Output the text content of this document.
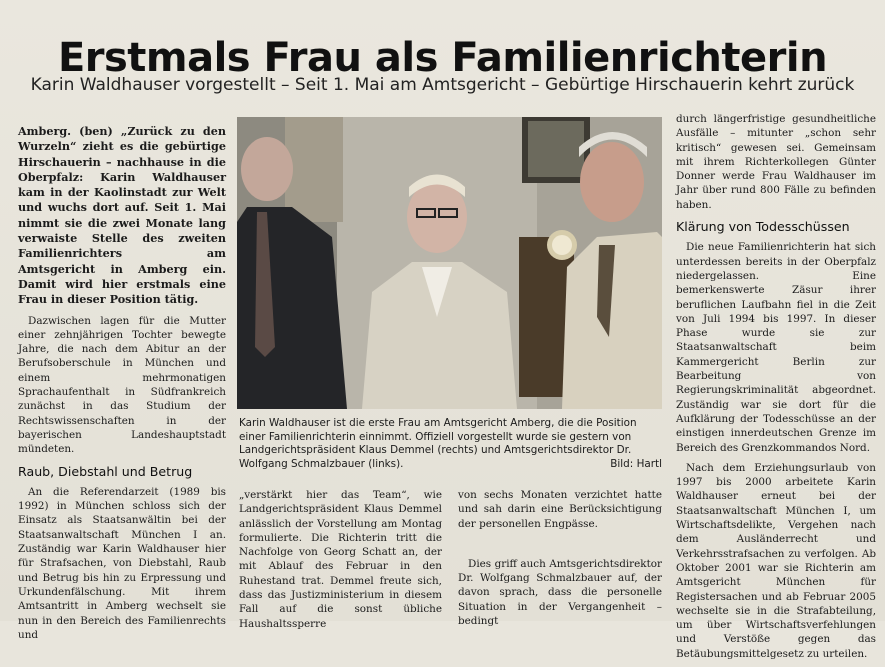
Erstmals Frau als Familienrichterin
Karin Waldhauser vorgestellt – Seit 1. Mai am Amtsgericht – Gebürtige Hirschauerin kehrt zurück

Amberg. (ben) „Zurück zu den Wurzeln“ zieht es die gebürtige Hirschauerin – nachhause in die Oberpfalz: Karin Waldhauser kam in der Kaolinstadt zur Welt und wuchs dort auf. Seit 1. Mai nimmt sie die zwei Monate lang verwaiste Stelle des zweiten Familienrichters am Amtsgericht in Amberg ein. Damit wird hier erstmals eine Frau in dieser Position tätig.

Dazwischen lagen für die Mutter einer zehnjährigen Tochter bewegte Jahre, die nach dem Abitur an der Berufsoberschule in München und einem mehrmonatigen Sprachaufenthalt in Südfrankreich zunächst in das Studium der Rechtswissenschaften in der bayerischen Landeshauptstadt mündeten.

Raub, Diebstahl und Betrug

An die Referendarzeit (1989 bis 1992) in München schloss sich der Einsatz als Staatsanwältin bei der Staatsanwaltschaft München I an. Zuständig war Karin Waldhauser hier für Strafsachen, von Diebstahl, Raub und Betrug bis hin zu Erpressung und Urkundenfälschung. Mit ihrem Amtsantritt in Amberg wechselt sie nun in den Bereich des Familienrechts und

Karin Waldhauser ist die erste Frau am Amtsgericht Amberg, die die Position einer Familienrichterin einnimmt. Offiziell vorgestellt wurde sie gestern von Landgerichtspräsident Klaus Demmel (rechts) und Amtsgerichtsdirektor Dr. Wolfgang Schmalzbauer (links).	Bild: Hartl

„verstärkt hier das Team“, wie Landgerichtspräsident Klaus Demmel anlässlich der Vorstellung am Montag formulierte. Die Richterin tritt die Nachfolge von Georg Schatt an, der mit Ablauf des Februar in den Ruhestand trat. Demmel freute sich, dass das Justizministerium in diesem Fall auf die sonst übliche Haushaltssperre

von sechs Monaten verzichtet hatte und sah darin eine Berücksichtigung der personellen Engpässe.

Dies griff auch Amtsgerichtsdirektor Dr. Wolfgang Schmalzbauer auf, der davon sprach, dass die personelle Situation in der Vergangenheit – bedingt

durch längerfristige gesundheitliche Ausfälle – mitunter „schon sehr kritisch“ gewesen sei. Gemeinsam mit ihrem Richterkollegen Günter Donner werde Frau Waldhauser im Jahr über rund 800 Fälle zu befinden haben.

Klärung von Todesschüssen

Die neue Familienrichterin hat sich unterdessen bereits in der Oberpfalz niedergelassen. Eine bemerkenswerte Zäsur ihrer beruflichen Laufbahn fiel in die Zeit von Juli 1994 bis 1997. In dieser Phase wurde sie zur Staatsanwaltschaft beim Kammergericht Berlin zur Bearbeitung von Regierungskriminalität abgeordnet. Zuständig war sie dort für die Aufklärung der Todesschüsse an der einstigen innerdeutschen Grenze im Bereich des Grenzkommandos Nord.

Nach dem Erziehungsurlaub von 1997 bis 2000 arbeitete Karin Waldhauser erneut bei der Staatsanwaltschaft München I, um Wirtschaftsdelikte, Vergehen nach dem Ausländerrecht und Verkehrsstrafsachen zu verfolgen. Ab Oktober 2001 war sie Richterin am Amtsgericht München für Registersachen und ab Februar 2005 wechselte sie in die Strafabteilung, um über Wirtschaftsverfehlungen und Verstöße gegen das Betäubungsmittelgesetz zu urteilen.
